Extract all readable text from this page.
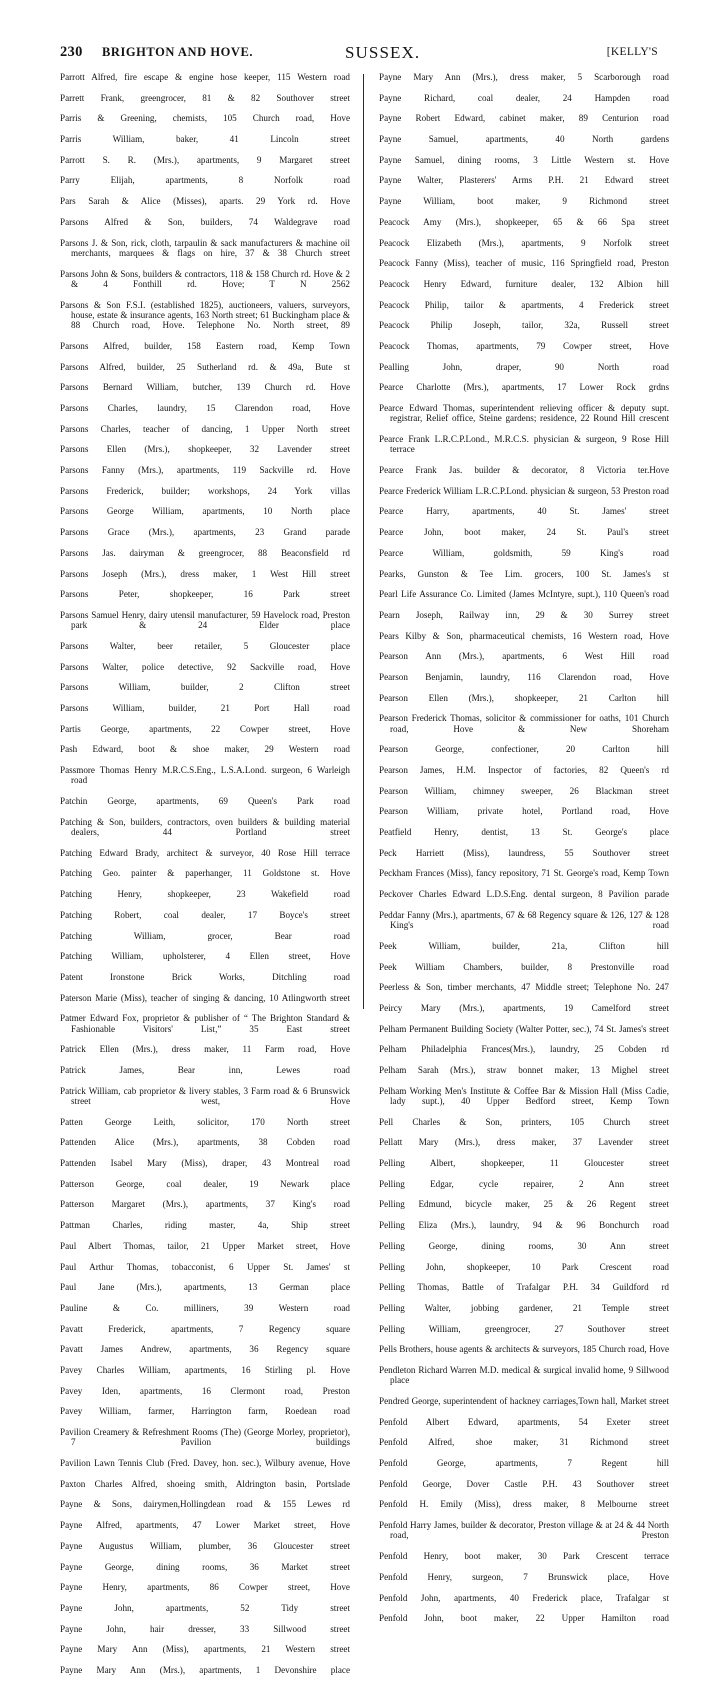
230 BRIGHTON AND HOVE.	SUSSEX.	[KELLY'S

Parrott Alfred, fire escape & engine hose keeper, 115 Western road

Parrett Frank, greengrocer, 81 & 82 Southover street

Parris & Greening, chemists, 105 Church road, Hove

Parris William, baker, 41 Lincoln street

Parrott S. R. (Mrs.), apartments, 9 Margaret street

Parry Elijah, apartments, 8 Norfolk road

Pars Sarah & Alice (Misses), aparts. 29 York rd. Hove

Parsons Alfred & Son, builders, 74 Waldegrave road

Parsons J. & Son, rick, cloth, tarpaulin & sack manufacturers & machine oil merchants, marquees & flags on hire, 37 & 38 Church street

Parsons John & Sons, builders & contractors, 118 & 158 Church rd. Hove & 2 & 4 Fonthill rd. Hove; T N 2562

Parsons & Son F.S.I. (established 1825), auctioneers, valuers, surveyors, house, estate & insurance agents, 163 North street; 61 Buckingham place & 88 Church road, Hove. Telephone No. North street, 89

Parsons Alfred, builder, 158 Eastern road, Kemp Town

Parsons Alfred, builder, 25 Sutherland rd. & 49a, Bute st

Parsons Bernard William, butcher, 139 Church rd. Hove

Parsons Charles, laundry, 15 Clarendon road, Hove

Parsons Charles, teacher of dancing, 1 Upper North street

Parsons Ellen (Mrs.), shopkeeper, 32 Lavender street

Parsons Fanny (Mrs.), apartments, 119 Sackville rd. Hove

Parsons Frederick, builder; workshops, 24 York villas

Parsons George William, apartments, 10 North place

Parsons Grace (Mrs.), apartments, 23 Grand parade

Parsons Jas. dairyman & greengrocer, 88 Beaconsfield rd

Parsons Joseph (Mrs.), dress maker, 1 West Hill street

Parsons Peter, shopkeeper, 16 Park street

Parsons Samuel Henry, dairy utensil manufacturer, 59 Havelock road, Preston park & 24 Elder place

Parsons Walter, beer retailer, 5 Gloucester place

Parsons Walter, police detective, 92 Sackville road, Hove

Parsons William, builder, 2 Clifton street

Parsons William, builder, 21 Port Hall road

Partis George, apartments, 22 Cowper street, Hove

Pash Edward, boot & shoe maker, 29 Western road

Passmore Thomas Henry M.R.C.S.Eng., L.S.A.Lond. surgeon, 6 Warleigh road

Patchin George, apartments, 69 Queen's Park road

Patching & Son, builders, contractors, oven builders & building material dealers, 44 Portland street

Patching Edward Brady, architect & surveyor, 40 Rose Hill terrace

Patching Geo. painter & paperhanger, 11 Goldstone st. Hove

Patching Henry, shopkeeper, 23 Wakefield road

Patching Robert, coal dealer, 17 Boyce's street

Patching William, grocer, Bear road

Patching William, upholsterer, 4 Ellen street, Hove

Patent Ironstone Brick Works, Ditchling road

Paterson Marie (Miss), teacher of singing & dancing, 10 Atlingworth street

Patmer Edward Fox, proprietor & publisher of “ The Brighton Standard & Fashionable Visitors' List,” 35 East street

Patrick Ellen (Mrs.), dress maker, 11 Farm road, Hove

Patrick James, Bear inn, Lewes road

Patrick William, cab proprietor & livery stables, 3 Farm road & 6 Brunswick street west, Hove

Patten George Leith, solicitor, 170 North street

Pattenden Alice (Mrs.), apartments, 38 Cobden road

Pattenden Isabel Mary (Miss), draper, 43 Montreal road

Patterson George, coal dealer, 19 Newark place

Patterson Margaret (Mrs.), apartments, 37 King's road

Pattman Charles, riding master, 4a, Ship street

Paul Albert Thomas, tailor, 21 Upper Market street, Hove

Paul Arthur Thomas, tobacconist, 6 Upper St. James' st

Paul Jane (Mrs.), apartments, 13 German place

Pauline & Co. milliners, 39 Western road

Pavatt Frederick, apartments, 7 Regency square

Pavatt James Andrew, apartments, 36 Regency square

Pavey Charles William, apartments, 16 Stirling pl. Hove

Pavey Iden, apartments, 16 Clermont road, Preston

Pavey William, farmer, Harrington farm, Roedean road

Pavilion Creamery & Refreshment Rooms (The) (George Morley, proprietor), 7 Pavilion buildings

Pavilion Lawn Tennis Club (Fred. Davey, hon. sec.), Wilbury avenue, Hove

Paxton Charles Alfred, shoeing smith, Aldrington basin, Portslade

Payne & Sons, dairymen,Hollingdean road & 155 Lewes rd

Payne Alfred, apartments, 47 Lower Market street, Hove

Payne Augustus William, plumber, 36 Gloucester street

Payne George, dining rooms, 36 Market street

Payne Henry, apartments, 86 Cowper street, Hove

Payne John, apartments, 52 Tidy street

Payne John, hair dresser, 33 Sillwood street

Payne Mary Ann (Miss), apartments, 21 Western street

Payne Mary Ann (Mrs.), apartments, 1 Devonshire place

Payne Mary Ann (Mrs.), dress maker, 5 Scarborough road

Payne Richard, coal dealer, 24 Hampden road

Payne Robert Edward, cabinet maker, 89 Centurion road

Payne Samuel, apartments, 40 North gardens

Payne Samuel, dining rooms, 3 Little Western st. Hove

Payne Walter, Plasterers' Arms P.H. 21 Edward street

Payne William, boot maker, 9 Richmond street

Peacock Amy (Mrs.), shopkeeper, 65 & 66 Spa street

Peacock Elizabeth (Mrs.), apartments, 9 Norfolk street

Peacock Fanny (Miss), teacher of music, 116 Springfield road, Preston

Peacock Henry Edward, furniture dealer, 132 Albion hill

Peacock Philip, tailor & apartments, 4 Frederick street

Peacock Philip Joseph, tailor, 32a, Russell street

Peacock Thomas, apartments, 79 Cowper street, Hove

Pealling John, draper, 90 North road

Pearce Charlotte (Mrs.), apartments, 17 Lower Rock grdns

Pearce Edward Thomas, superintendent relieving officer & deputy supt. registrar, Relief office, Steine gardens; residence, 22 Round Hill crescent

Pearce Frank L.R.C.P.Lond., M.R.C.S. physician & surgeon, 9 Rose Hill terrace

Pearce Frank Jas. builder & decorator, 8 Victoria ter.Hove

Pearce Frederick William L.R.C.P.Lond. physician & surgeon, 53 Preston road

Pearce Harry, apartments, 40 St. James' street

Pearce John, boot maker, 24 St. Paul's street

Pearce William, goldsmith, 59 King's road

Pearks, Gunston & Tee Lim. grocers, 100 St. James's st

Pearl Life Assurance Co. Limited (James McIntyre, supt.), 110 Queen's road

Pearn Joseph, Railway inn, 29 & 30 Surrey street

Pears Kilby & Son, pharmaceutical chemists, 16 Western road, Hove

Pearson Ann (Mrs.), apartments, 6 West Hill road

Pearson Benjamin, laundry, 116 Clarendon road, Hove

Pearson Ellen (Mrs.), shopkeeper, 21 Carlton hill

Pearson Frederick Thomas, solicitor & commissioner for oaths, 101 Church road, Hove & New Shoreham

Pearson George, confectioner, 20 Carlton hill

Pearson James, H.M. Inspector of factories, 82 Queen's rd

Pearson William, chimney sweeper, 26 Blackman street

Pearson William, private hotel, Portland road, Hove

Peatfield Henry, dentist, 13 St. George's place

Peck Harriett (Miss), laundress, 55 Southover street

Peckham Frances (Miss), fancy repository, 71 St. George's road, Kemp Town

Peckover Charles Edward L.D.S.Eng. dental surgeon, 8 Pavilion parade

Peddar Fanny (Mrs.), apartments, 67 & 68 Regency square & 126, 127 & 128 King's road

Peek William, builder, 21a, Clifton hill

Peek William Chambers, builder, 8 Prestonville road

Peerless & Son, timber merchants, 47 Middle street; Telephone No. 247

Peircy Mary (Mrs.), apartments, 19 Camelford street

Pelham Permanent Building Society (Walter Potter, sec.), 74 St. James's street

Pelham Philadelphia Frances(Mrs.), laundry, 25 Cobden rd

Pelham Sarah (Mrs.), straw bonnet maker, 13 Mighel street

Pelham Working Men's Institute & Coffee Bar & Mission Hall (Miss Cadie, lady supt.), 40 Upper Bedford street, Kemp Town

Pell Charles & Son, printers, 105 Church street

Pellatt Mary (Mrs.), dress maker, 37 Lavender street

Pelling Albert, shopkeeper, 11 Gloucester street

Pelling Edgar, cycle repairer, 2 Ann street

Pelling Edmund, bicycle maker, 25 & 26 Regent street

Pelling Eliza (Mrs.), laundry, 94 & 96 Bonchurch road

Pelling George, dining rooms, 30 Ann street

Pelling John, shopkeeper, 10 Park Crescent road

Pelling Thomas, Battle of Trafalgar P.H. 34 Guildford rd

Pelling Walter, jobbing gardener, 21 Temple street

Pelling William, greengrocer, 27 Southover street

Pells Brothers, house agents & architects & surveyors, 185 Church road, Hove

Pendleton Richard Warren M.D. medical & surgical invalid home, 9 Sillwood place

Pendred George, superintendent of hackney carriages,Town hall, Market street

Penfold Albert Edward, apartments, 54 Exeter street

Penfold Alfred, shoe maker, 31 Richmond street

Penfold George, apartments, 7 Regent hill

Penfold George, Dover Castle P.H. 43 Southover street

Penfold H. Emily (Miss), dress maker, 8 Melbourne street

Penfold Harry James, builder & decorator, Preston village & at 24 & 44 North road, Preston

Penfold Henry, boot maker, 30 Park Crescent terrace

Penfold Henry, surgeon, 7 Brunswick place, Hove

Penfold John, apartments, 40 Frederick place, Trafalgar st

Penfold John, boot maker, 22 Upper Hamilton road
